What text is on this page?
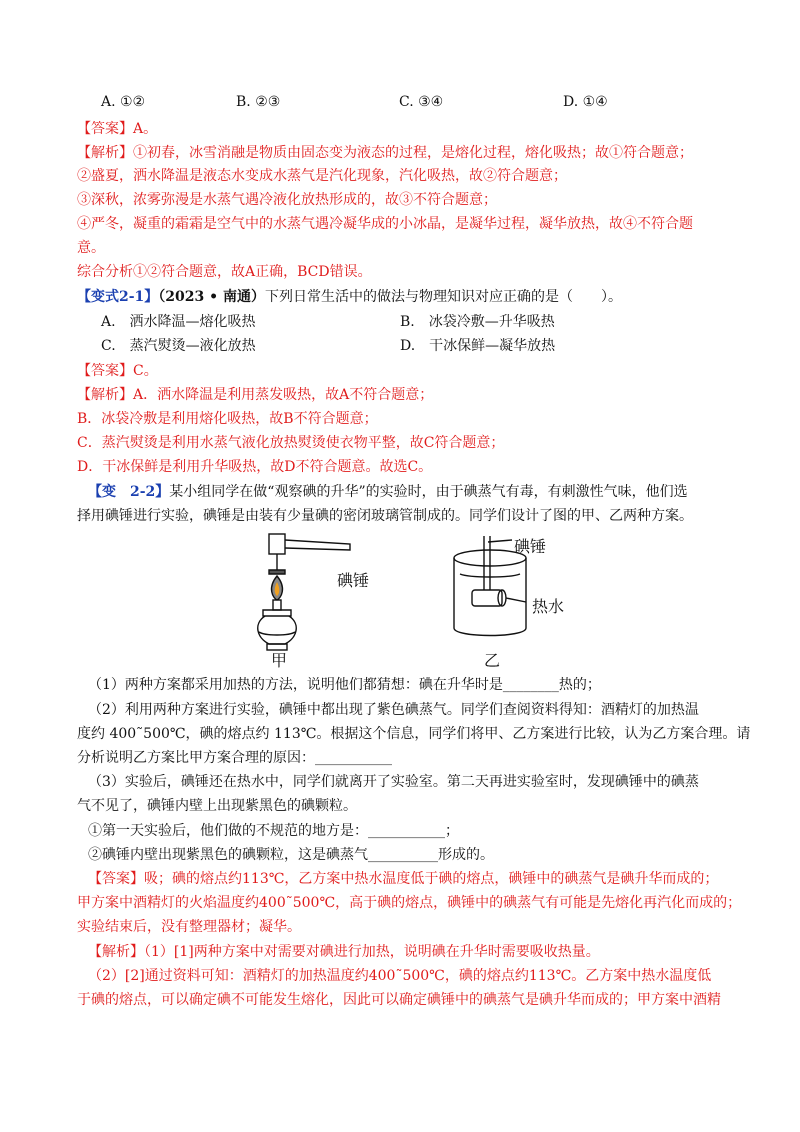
A. ①②	B. ②③	C. ③④	D. ①④
【答案】A。
【解析】①初春，冰雪消融是物质由固态变为液态的过程，是熔化过程，熔化吸热；故①符合题意；
②盛夏，洒水降温是液态水变成水蒸气是汽化现象，汽化吸热，故②符合题意；
③深秋，浓雾弥漫是水蒸气遇冷液化放热形成的，故③不符合题意；
④严冬，凝重的霜霜是空气中的水蒸气遇冷凝华成的小冰晶，是凝华过程，凝华放热，故④不符合题
意。
综合分析①②符合题意，故A正确，BCD错误。
【变式2-1】（2023 • 南通）下列日常生活中的做法与物理知识对应正确的是（　　）。
A.　洒水降温—熔化吸热	B.　冰袋冷敷—升华吸热
C.　蒸汽熨烫—液化放热	D.　干冰保鲜—凝华放热
【答案】C。
【解析】A．洒水降温是利用蒸发吸热，故A不符合题意；
B．冰袋冷敷是利用熔化吸热，故B不符合题意；
C．蒸汽熨烫是利用水蒸气液化放热熨烫使衣物平整，故C符合题意；
D．干冰保鲜是利用升华吸热，故D不符合题意。故选C。
【变　2-2】某小组同学在做“观察碘的升华”的实验时，由于碘蒸气有毒，有刺激性气味，他们选
择用碘锤进行实验，碘锤是由装有少量碘的密闭玻璃管制成的。同学们设计了图的甲、乙两种方案。
碘锤
甲
碘锤
热水
乙
（1）两种方案都采用加热的方法，说明他们都猜想：碘在升华时是________热的；
（2）利用两种方案进行实验，碘锤中都出现了紫色碘蒸气。同学们查阅资料得知：酒精灯的加热温
度约 400˜500℃，碘的熔点约 113℃。根据这个信息，同学们将甲、乙方案进行比较，认为乙方案合理。请
分析说明乙方案比甲方案合理的原因：___________
（3）实验后，碘锤还在热水中，同学们就离开了实验室。第二天再进实验室时，发现碘锤中的碘蒸
气不见了，碘锤内壁上出现紫黑色的碘颗粒。
①第一天实验后，他们做的不规范的地方是：___________；
②碘锤内壁出现紫黑色的碘颗粒，这是碘蒸气__________形成的。
【答案】吸；碘的熔点约113℃，乙方案中热水温度低于碘的熔点，碘锤中的碘蒸气是碘升华而成的；
甲方案中酒精灯的火焰温度约400˜500℃，高于碘的熔点，碘锤中的碘蒸气有可能是先熔化再汽化而成的；
实验结束后，没有整理器材；凝华。
【解析】（1）[1]两种方案中对需要对碘进行加热，说明碘在升华时需要吸收热量。
（2）[2]通过资料可知：酒精灯的加热温度约400˜500℃，碘的熔点约113℃。乙方案中热水温度低
于碘的熔点，可以确定碘不可能发生熔化，因此可以确定碘锤中的碘蒸气是碘升华而成的；甲方案中酒精
